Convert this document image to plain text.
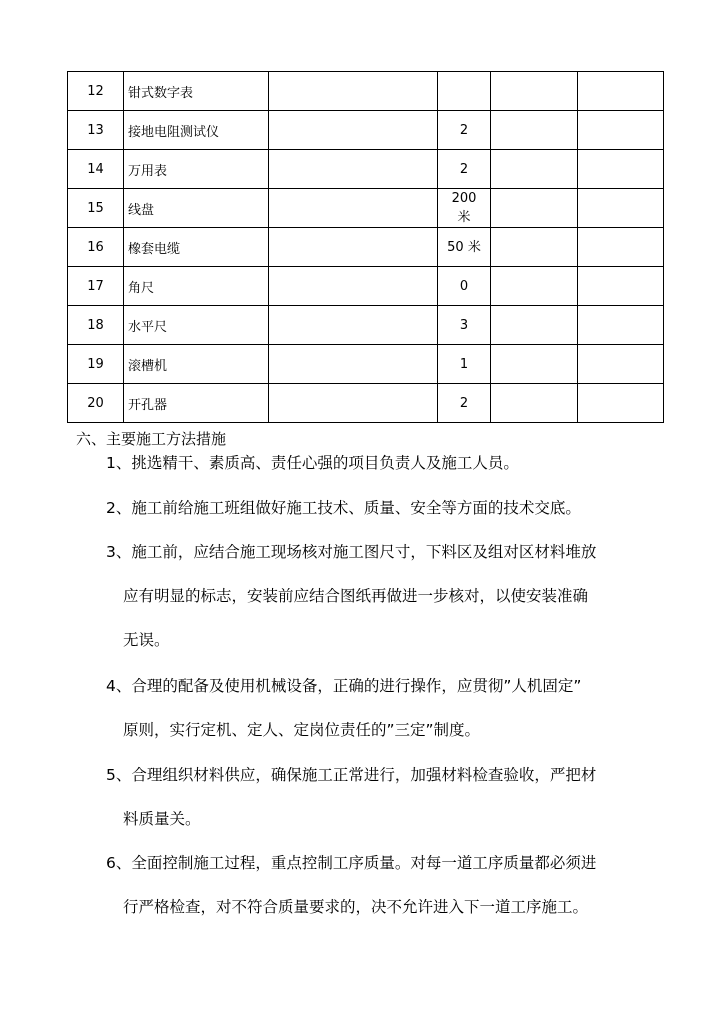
12	钳式数字表				
13	接地电阻测试仪		2		
14	万用表		2		
15	线盘		200
米		
16	橡套电缆		50 米		
17	角尺		0		
18	水平尺		3		
19	滚槽机		1		
20	开孔器		2		
六、主要施工方法措施
1、挑选精干、素质高、责任心强的项目负责人及施工人员。
2、施工前给施工班组做好施工技术、质量、安全等方面的技术交底。
3、施工前，应结合施工现场核对施工图尺寸，下料区及组对区材料堆放
应有明显的标志，安装前应结合图纸再做进一步核对，以使安装准确
无误。
4、合理的配备及使用机械设备，正确的进行操作，应贯彻”人机固定”
原则，实行定机、定人、定岗位责任的”三定”制度。
5、合理组织材料供应，确保施工正常进行，加强材料检查验收，严把材
料质量关。
6、全面控制施工过程，重点控制工序质量。对每一道工序质量都必须进
行严格检查，对不符合质量要求的，决不允许进入下一道工序施工。
